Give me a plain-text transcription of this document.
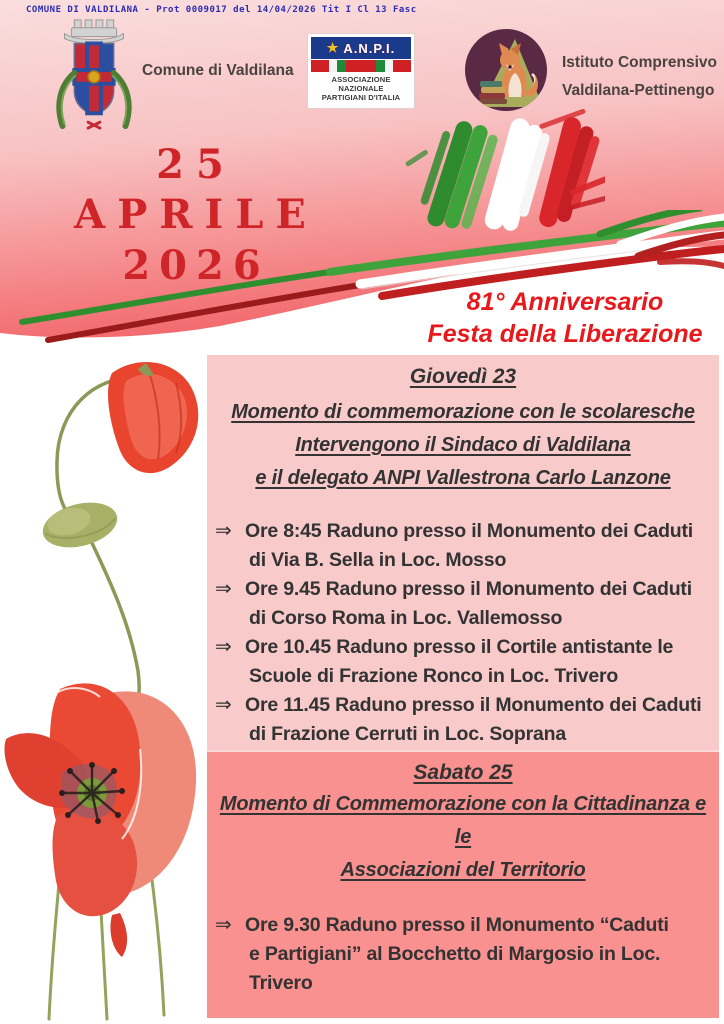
COMUNE DI VALDILANA - Prot 0009017 del 14/04/2026 Tit I Cl 13 Fasc
Comune di Valdilana
★ A.N.P.I.
ASSOCIAZIONE NAZIONALE
PARTIGIANI D'ITALIA
Istituto Comprensivo
Valdilana-Pettinengo
25 APRILE
2026
81° Anniversario
Festa della Liberazione
Giovedì 23
Momento di commemorazione con le scolaresche
Intervengono il Sindaco di Valdilana
e il delegato ANPI Vallestrona Carlo Lanzone
⇒ Ore 8:45 Raduno presso il Monumento dei Caduti
di Via B. Sella in Loc. Mosso
⇒ Ore 9.45 Raduno presso il Monumento dei Caduti
di Corso Roma in Loc. Vallemosso
⇒ Ore 10.45 Raduno presso il Cortile antistante le
Scuole di Frazione Ronco in Loc. Trivero
⇒ Ore 11.45 Raduno presso il Monumento dei Caduti
di Frazione Cerruti in Loc. Soprana
Sabato 25
Momento di Commemorazione con la Cittadinanza e le
Associazioni del Territorio
⇒ Ore 9.30 Raduno presso il Monumento “Caduti
e Partigiani” al Bocchetto di Margosio in Loc. Trivero
